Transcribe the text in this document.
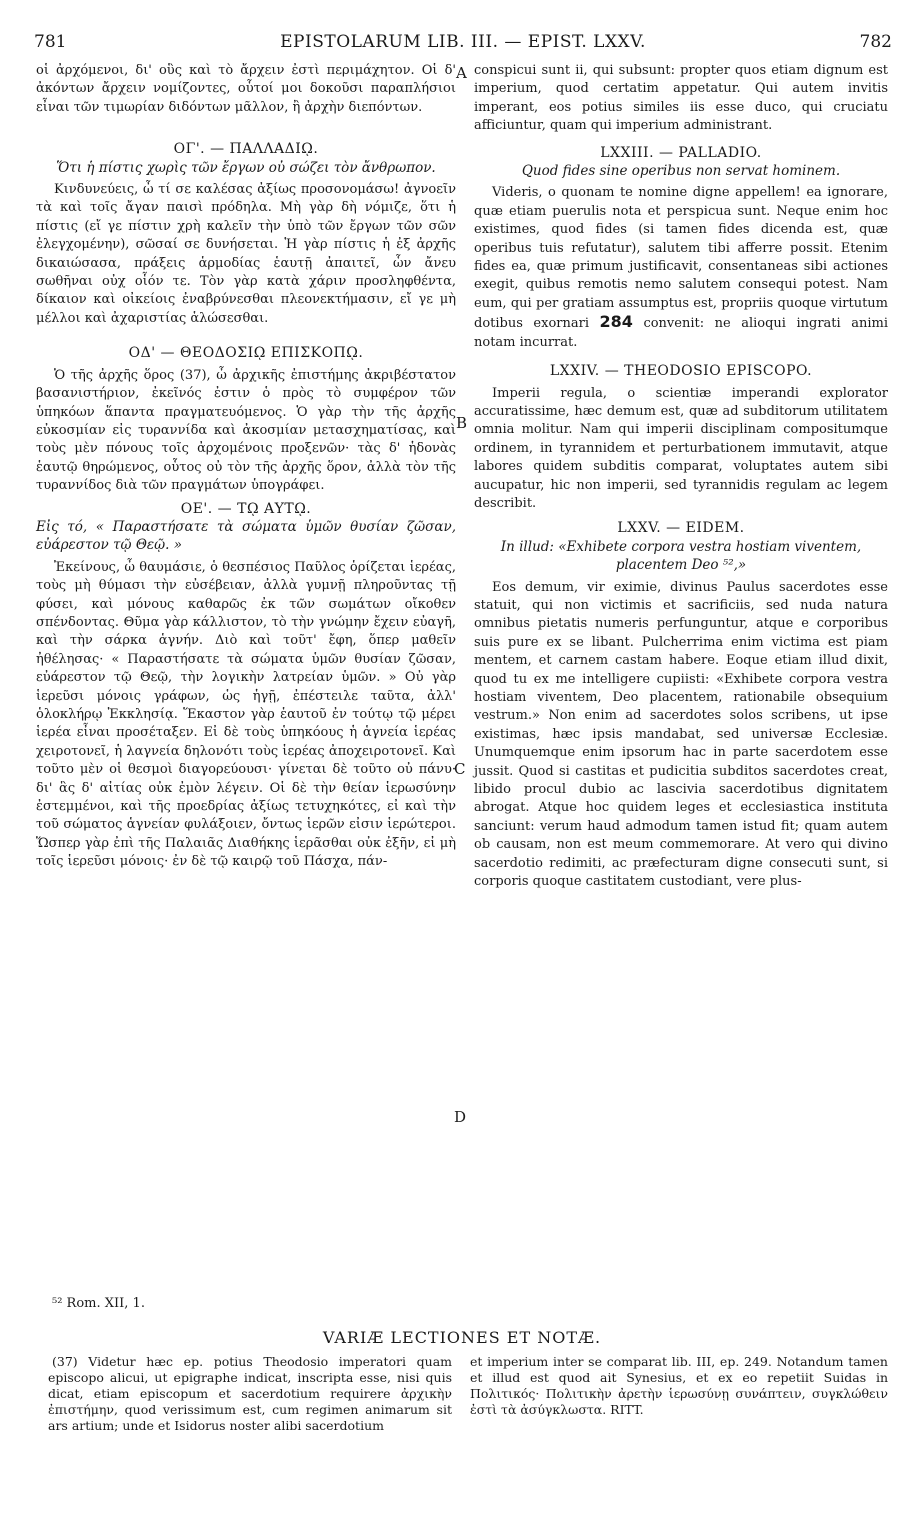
781	EPISTOLARUM LIB. III. — EPIST. LXXV.	782
A
B
C
D

οἱ ἀρχόμενοι, δι' οὓς καὶ τὸ ἄρχειν ἐστὶ περιμάχητον. Οἱ δ' ἀκόντων ἄρχειν νομίζοντες, οὗτοί μοι δοκοῦσι παραπλήσιοι εἶναι τῶν τιμωρίαν διδόντων μᾶλλον, ἢ ἀρχὴν διεπόντων.

ΟΓ'. — ΠΑΛΛΑΔΙῼ.
Ὅτι ἡ πίστις χωρὶς τῶν ἔργων οὐ σώζει τὸν ἄνθρωπον.

Κινδυνεύεις, ὦ τί σε καλέσας ἀξίως προσονομάσω! ἀγνοεῖν τὰ καὶ τοῖς ἄγαν παισὶ πρόδηλα. Μὴ γὰρ δὴ νόμιζε, ὅτι ἡ πίστις (εἴ γε πίστιν χρὴ καλεῖν τὴν ὑπὸ τῶν ἔργων τῶν σῶν ἐλεγχομένην), σῶσαί σε δυνήσεται. Ἡ γὰρ πίστις ἡ ἐξ ἀρχῆς δικαιώσασα, πράξεις ἁρμοδίας ἑαυτῇ ἀπαιτεῖ, ὧν ἄνευ σωθῆναι οὐχ οἷόν τε. Τὸν γὰρ κατὰ χάριν προσληφθέντα, δίκαιον καὶ οἰκείοις ἐναβρύνεσθαι πλεονεκτήμασιν, εἴ γε μὴ μέλλοι καὶ ἀχαριστίας ἁλώσεσθαι.

ΟΔ' — ΘΕΟΔΟΣΙῼ ΕΠΙΣΚΟΠῼ.

Ὁ τῆς ἀρχῆς ὅρος (37), ὦ ἀρχικῆς ἐπιστήμης ἀκριβέστατον βασανιστήριον, ἐκεῖνός ἐστιν ὁ πρὸς τὸ συμφέρον τῶν ὑπηκόων ἅπαντα πραγματευόμενος. Ὁ γὰρ τὴν τῆς ἀρχῆς εὐκοσμίαν εἰς τυραννίδα καὶ ἀκοσμίαν μετασχηματίσας, καὶ τοὺς μὲν πόνους τοῖς ἀρχομένοις προξενῶν· τὰς δ' ἡδονὰς ἑαυτῷ θηρώμενος, οὗτος οὐ τὸν τῆς ἀρχῆς ὅρον, ἀλλὰ τὸν τῆς τυραννίδος διὰ τῶν πραγμάτων ὑπογράφει.

ΟΕ'. — Τῼ ΑΥΤῼ.
Εἰς τό, « Παραστήσατε τὰ σώματα ὑμῶν θυσίαν ζῶσαν, εὐάρεστον τῷ Θεῷ. »

Ἐκείνους, ὦ θαυμάσιε, ὁ θεσπέσιος Παῦλος ὁρίζεται ἱερέας, τοὺς μὴ θύμασι τὴν εὐσέβειαν, ἀλλὰ γυμνῇ πληροῦντας τῇ φύσει, καὶ μόνους καθαρῶς ἐκ τῶν σωμάτων οἴκοθεν σπένδοντας. Θῦμα γὰρ κάλλιστον, τὸ τὴν γνώμην ἔχειν εὐαγῆ, καὶ τὴν σάρκα ἁγνήν. Διὸ καὶ τοῦτ' ἔφη, ὅπερ μαθεῖν ἠθέλησας· « Παραστήσατε τὰ σώματα ὑμῶν θυσίαν ζῶσαν, εὐάρεστον τῷ Θεῷ, τὴν λογικὴν λατρείαν ὑμῶν. » Οὐ γὰρ ἱερεῦσι μόνοις γράφων, ὡς ἡγῇ, ἐπέστειλε ταῦτα, ἀλλ' ὁλοκλήρῳ Ἐκκλησίᾳ. Ἕκαστον γὰρ ἑαυτοῦ ἐν τούτῳ τῷ μέρει ἱερέα εἶναι προσέταξεν. Εἰ δὲ τοὺς ὑπηκόους ἡ ἁγνεία ἱερέας χειροτονεῖ, ἡ λαγνεία δηλονότι τοὺς ἱερέας ἀποχειροτονεῖ. Καὶ τοῦτο μὲν οἱ θεσμοὶ διαγορεύουσι· γίνεται δὲ τοῦτο οὐ πάνυ· δι' ἃς δ' αἰτίας οὐκ ἐμὸν λέγειν. Οἱ δὲ τὴν θείαν ἱερωσύνην ἐστεμμένοι, καὶ τῆς προεδρίας ἀξίως τετυχηκότες, εἰ καὶ τὴν τοῦ σώματος ἁγνείαν φυλάξοιεν, ὄντως ἱερῶν εἰσιν ἱερώτεροι. Ὥσπερ γὰρ ἐπὶ τῆς Παλαιᾶς Διαθήκης ἱερᾶσθαι οὐκ ἐξῆν, εἰ μὴ τοῖς ἱερεῦσι μόνοις· ἐν δὲ τῷ καιρῷ τοῦ Πάσχα, πάν-

conspicui sunt ii, qui subsunt: propter quos etiam dignum est imperium, quod certatim appetatur. Qui autem invitis imperant, eos potius similes iis esse duco, qui cruciatu afficiuntur, quam qui imperium administrant.

LXXIII. — PALLADIO.
Quod fides sine operibus non servat hominem.

Videris, o quonam te nomine digne appellem! ea ignorare, quæ etiam puerulis nota et perspicua sunt. Neque enim hoc existimes, quod fides (si tamen fides dicenda est, quæ operibus tuis refutatur), salutem tibi afferre possit. Etenim fides ea, quæ primum justificavit, consentaneas sibi actiones exegit, quibus remotis nemo salutem consequi potest. Nam eum, qui per gratiam assumptus est, propriis quoque virtutum dotibus exornari 284 convenit: ne alioqui ingrati animi notam incurrat.

LXXIV. — THEODOSIO EPISCOPO.

Imperii regula, o scientiæ imperandi explorator accuratissime, hæc demum est, quæ ad subditorum utilitatem omnia molitur. Nam qui imperii disciplinam compositumque ordinem, in tyrannidem et perturbationem immutavit, atque labores quidem subditis comparat, voluptates autem sibi aucupatur, hic non imperii, sed tyrannidis regulam ac legem describit.

LXXV. — EIDEM.
In illud: «Exhibete corpora vestra hostiam viventem, placentem Deo ⁵²,»

Eos demum, vir eximie, divinus Paulus sacerdotes esse statuit, qui non victimis et sacrificiis, sed nuda natura omnibus pietatis numeris perfunguntur, atque e corporibus suis pure ex se libant. Pulcherrima enim victima est piam mentem, et carnem castam habere. Eoque etiam illud dixit, quod tu ex me intelligere cupiisti: «Exhibete corpora vestra hostiam viventem, Deo placentem, rationabile obsequium vestrum.» Non enim ad sacerdotes solos scribens, ut ipse existimas, hæc ipsis mandabat, sed universæ Ecclesiæ. Unumquemque enim ipsorum hac in parte sacerdotem esse jussit. Quod si castitas et pudicitia subditos sacerdotes creat, libido procul dubio ac lascivia sacerdotibus dignitatem abrogat. Atque hoc quidem leges et ecclesiastica instituta sanciunt: verum haud admodum tamen istud fit; quam autem ob causam, non est meum commemorare. At vero qui divino sacerdotio redimiti, ac præfecturam digne consecuti sunt, si corporis quoque castitatem custodiant, vere plus-

⁵² Rom. XII, 1.
VARIÆ LECTIONES ET NOTÆ.
(37) Videtur hæc ep. potius Theodosio imperatori quam episcopo alicui, ut epigraphe indicat, inscripta esse, nisi quis dicat, etiam episcopum et sacerdotium requirere ἀρχικὴν ἐπιστήμην, quod verissimum est, cum regimen animarum sit ars artium; unde et Isidorus noster alibi sacerdotium
et imperium inter se comparat lib. III, ep. 249. Notandum tamen et illud est quod ait Synesius, et ex eo repetiit Suidas in Πολιτικός· Πολιτικὴν ἀρετὴν ἱερωσύνῃ συνάπτειν, συγκλώθειν ἐστὶ τὰ ἀσύγκλωστα. RITT.
